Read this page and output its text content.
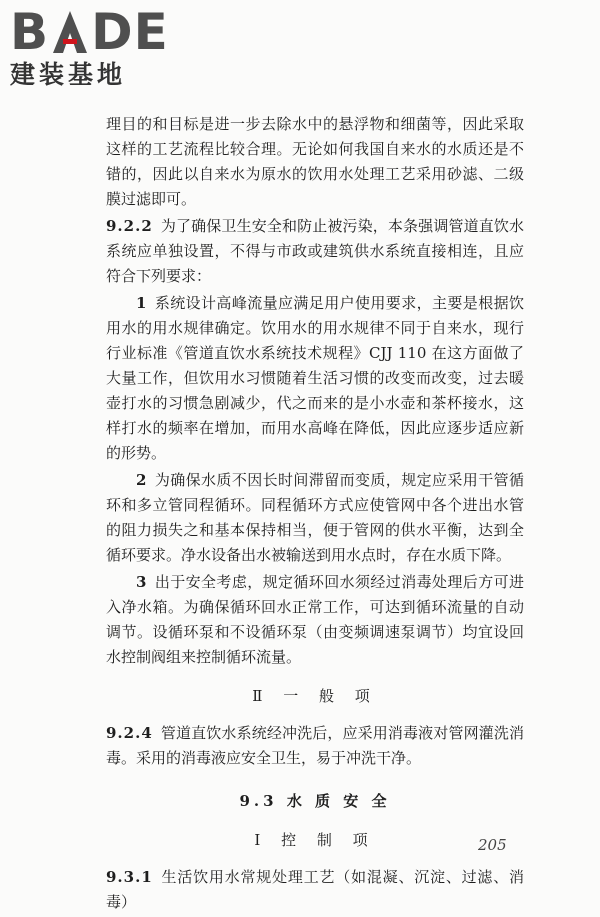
B DE
建装基地

理目的和目标是进一步去除水中的悬浮物和细菌等，因此采取这样的工艺流程比较合理。无论如何我国自来水的水质还是不错的，因此以自来水为原水的饮用水处理工艺采用砂滤、二级膜过滤即可。

9.2.2 为了确保卫生安全和防止被污染，本条强调管道直饮水系统应单独设置，不得与市政或建筑供水系统直接相连，且应符合下列要求：

1 系统设计高峰流量应满足用户使用要求，主要是根据饮用水的用水规律确定。饮用水的用水规律不同于自来水，现行行业标准《管道直饮水系统技术规程》CJJ 110 在这方面做了大量工作，但饮用水习惯随着生活习惯的改变而改变，过去暖壶打水的习惯急剧减少，代之而来的是小水壶和茶杯接水，这样打水的频率在增加，而用水高峰在降低，因此应逐步适应新的形势。

2 为确保水质不因长时间滞留而变质，规定应采用干管循环和多立管同程循环。同程循环方式应使管网中各个进出水管的阻力损失之和基本保持相当，便于管网的供水平衡，达到全循环要求。净水设备出水被输送到用水点时，存在水质下降。

3 出于安全考虑，规定循环回水须经过消毒处理后方可进入净水箱。为确保循环回水正常工作，可达到循环流量的自动调节。设循环泵和不设循环泵（由变频调速泵调节）均宜设回水控制阀组来控制循环流量。

Ⅱ 一 般 项

9.2.4 管道直饮水系统经冲洗后，应采用消毒液对管网灌洗消毒。采用的消毒液应安全卫生，易于冲洗干净。

9.3 水 质 安 全
Ⅰ 控 制 项

9.3.1 生活饮用水常规处理工艺（如混凝、沉淀、过滤、消毒）

205
